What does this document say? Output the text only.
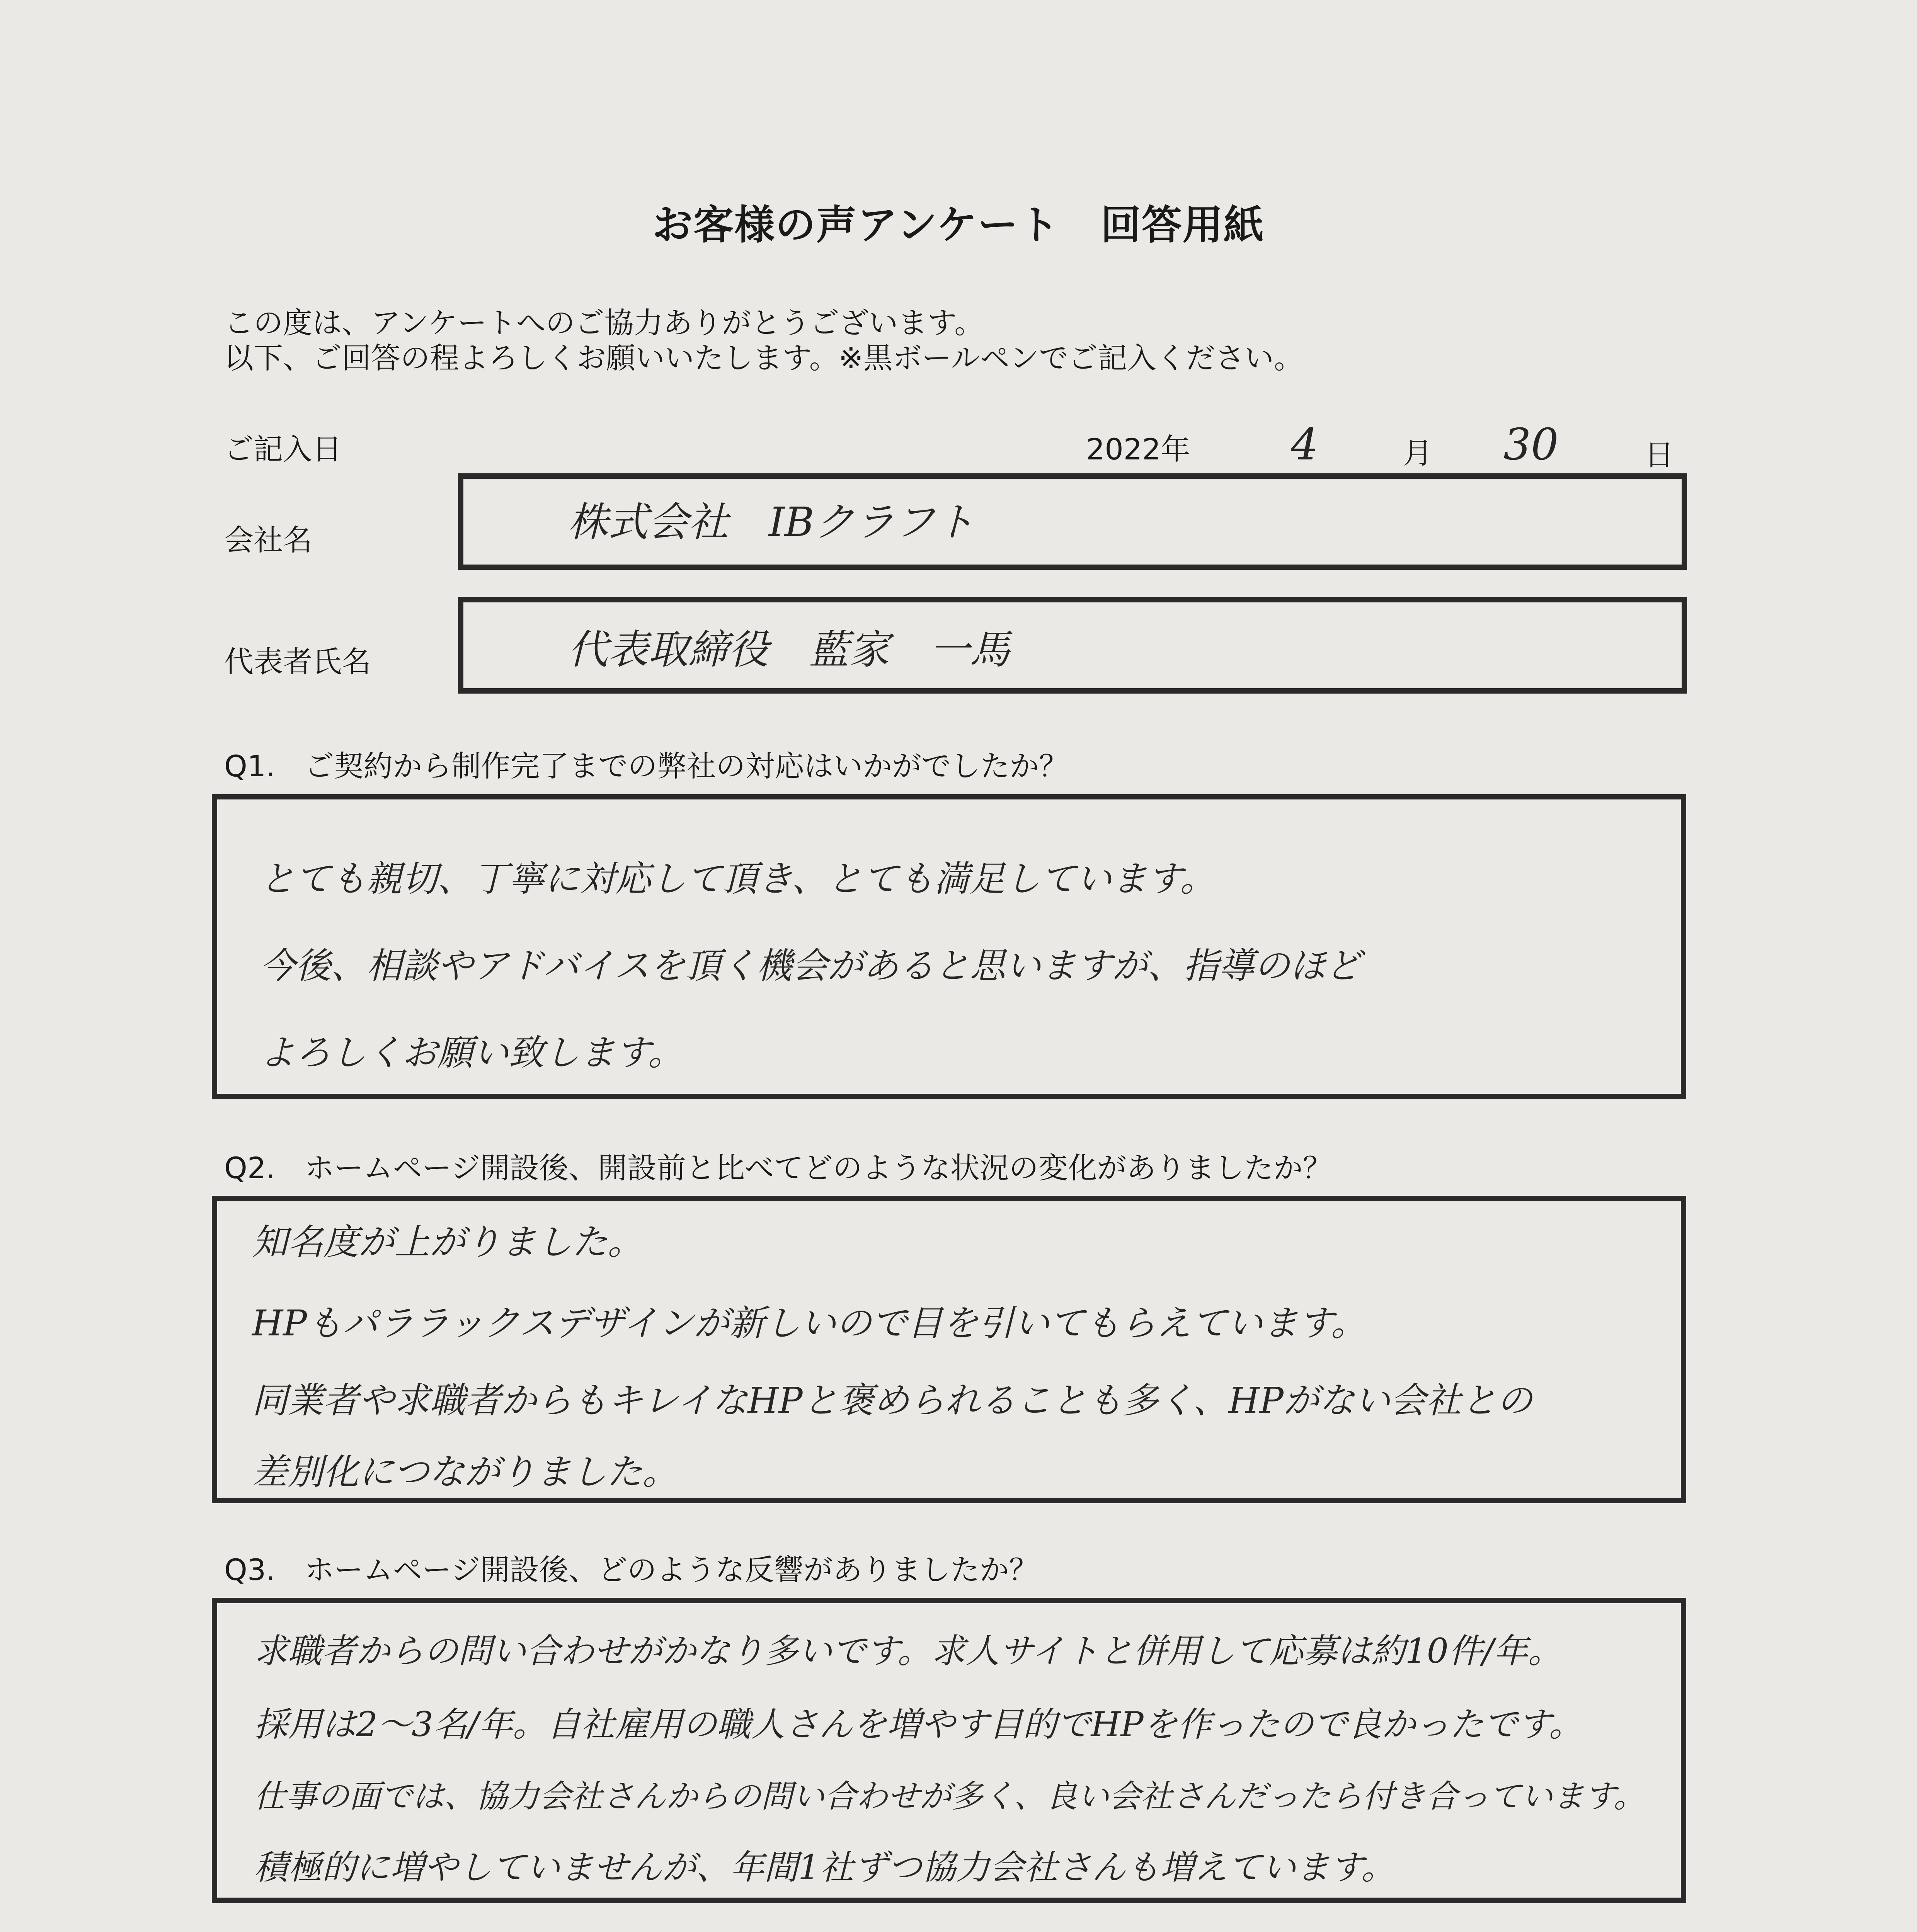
お客様の声アンケート　回答用紙
この度は、アンケートへのご協力ありがとうございます。
以下、ご回答の程よろしくお願いいたします。※黒ボールペンでご記入ください。
ご記入日	2022年 4	月 30	日
会社名	株式会社　IBクラフト
代表者氏名	代表取締役　藍家　一馬
Q1.　ご契約から制作完了までの弊社の対応はいかがでしたか？
とても親切、丁寧に対応して頂き、とても満足しています。
今後、相談やアドバイスを頂く機会があると思いますが、指導のほど
よろしくお願い致します。
Q2.　ホームページ開設後、開設前と比べてどのような状況の変化がありましたか？
知名度が上がりました。
HPもパララックスデザインが新しいので目を引いてもらえています。
同業者や求職者からもキレイなHPと褒められることも多く、HPがない会社との
差別化につながりました。
Q3.　ホームページ開設後、どのような反響がありましたか？
求職者からの問い合わせがかなり多いです。求人サイトと併用して応募は約10件/年。
採用は2～3名/年。自社雇用の職人さんを増やす目的でHPを作ったので良かったです。
仕事の面では、協力会社さんからの問い合わせが多く、良い会社さんだったら付き合っています。
積極的に増やしていませんが、年間1社ずつ協力会社さんも増えています。
